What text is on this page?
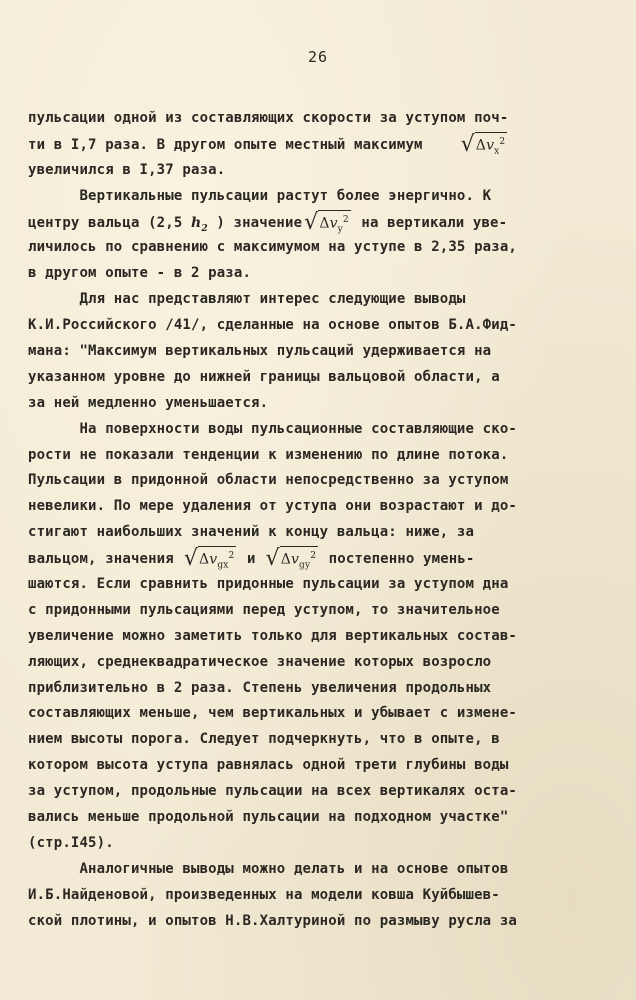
26
пульсации одной из составляющих скорости за уступом поч-
ти в I,7 раза. В другом опыте местный максимум $√\Delta v_x^2$
увеличился в I,37 раза.
Вертикальные пульсации растут более энергично. К
центру вальца (2,5 $h_2$ ) $значение√\Delta v_y^2$ на вертикали уве-
личилось по сравнению с максимумом на уступе в 2,35 раза,
в другом опыте - в 2 раза.
Для нас представляют интерес следующие выводы
К.И.Российского /41/, сделанные на основе опытов Б.А.Фид-
мана: "Максимум вертикальных пульсаций удерживается на
указанном уровне до нижней границы вальцовой области, а
за ней медленно уменьшается.
На поверхности воды пульсационные составляющие ско-
рости не показали тенденции к изменению по длине потока.
Пульсации в придонной области непосредственно за уступом
невелики. По мере удаления от уступа они возрастают и до-
стигают наибольших значений к концу вальца: ниже, за
вальцом, значения $√\Delta v_{gx}^2$ и $√\Delta v_{gy}^2$ постепенно умень-
шаются. Если сравнить придонные пульсации за уступом дна
с придонными пульсациями перед уступом, то значительное
увеличение можно заметить только для вертикальных состав-
ляющих, среднеквадратическое значение которых возросло
приблизительно в 2 раза. Степень увеличения продольных
составляющих меньше, чем вертикальных и убывает с измене-
нием высоты порога. Следует подчеркнуть, что в опыте, в
котором высота уступа равнялась одной трети глубины воды
за уступом, продольные пульсации на всех вертикалях оста-
вались меньше продольной пульсации на подходном участке"
(стр.I45).
Аналогичные выводы можно делать и на основе опытов
И.Б.Найденовой, произведенных на модели ковша Куйбышев-
ской плотины, и опытов Н.В.Халтуриной по размыву русла за
